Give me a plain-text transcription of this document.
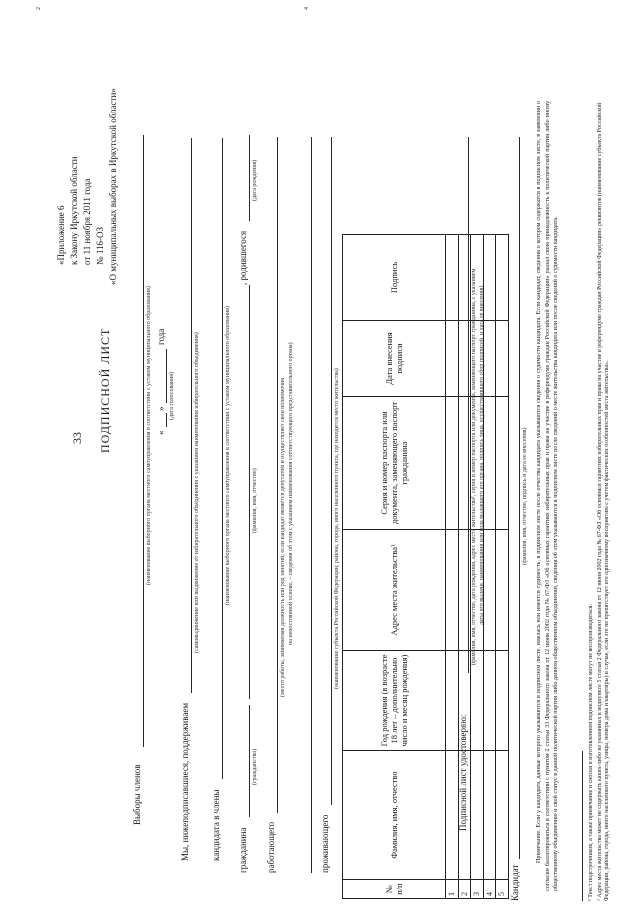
33
«Приложение 6 к Закону Иркутской области от 11 ноября 2011 года № 116-ОЗ «О муниципальных выборах в Иркутской области»
ПОДПИСНОЙ ЛИСТ
Выборы членов
(наименование выборного органа местного самоуправления в соответствии с уставом муниципального образования) «
»
года
(дата голосования)
Мы, нижеподписавшиеся, поддерживаем
(самовыдвижение или выдвижение от избирательного объединения с указанием наименования избирательного объединения)
кандидата в члены
(наименование выборного органа местного самоуправления в соответствии с уставом муниципального образования)
гражданина
, родившегося
(гражданство)
(фамилия, имя, отчество)
(дата рождения)
работающего
(место работы, занимаемая должность или род занятий; если кандидат является депутатом и осуществляет свои полномочия на непостоянной основе, – сведения об этом с указанием наименования соответствующего представительного органа)
проживающего
(наименование субъекта Российской Федерации, района, города, иного населенного пункта, где находится место жительства)
№ п/п	Фамилия, имя, отчество	Год рождения (в возрасте 18 лет – дополнительно число и месяц рождения)	Адрес места жительства¹	Серия и номер паспорта или документа, заменяющего паспорт гражданина	Дата внесения подписи	Подпись
1						
2						
3						
4						
5						
Подписной лист удостоверяю:
(фамилия, имя, отчество, дата рождения, адрес места жительства¹, серия и номер паспорта или документа, заменяющего паспорт гражданина, с указанием даты его выдачи, наименования или кода выдавшего его органа, подпись лица, осуществлявшего сбор подписей, и дата ее внесения)
Кандидат
(фамилия, имя, отчество, подпись и дата ее внесения) Примечание. Если у кандидата, данные которого указываются в подписном листе, имелась или имеется судимость, в подписном листе после отчества кандидата указываются сведения о судимости кандидата. Если кандидат, сведения о котором содержатся в подписном листе, в заявлении о согласии баллотироваться в соответствии с пунктом 2 статьи 33 Федерального закона от 12 июня 2002 года № 67-ФЗ «Об основных гарантиях избирательных прав и права на участие в референдуме граждан Российской Федерации» указал свою принадлежность к политической партии либо иному общественному объединению и свой статус в данной политической партии либо данном общественном объединении, сведения об этом указываются в подписном листе после сведений о месте жительства кандидата или после сведений о судимости кандидата.	¹ Текст подстрочников, а также примечание и сноски в изготовленном подписном листе могут не воспроизводиться. ² Адрес места жительства может не содержать каких-либо из указанных в подпункте 5 статьи 2 Федерального закона от 12 июня 2002 года № 67-ФЗ «Об основных гарантиях избирательных прав и права на участие в референдуме граждан Российской Федерации» реквизитов (наименование субъекта Российской Федерации, района, города, иного населенного пункта, улицы, номера дома и квартиры) в случае, если это не препятствует его однозначному восприятию с учетом фактических особенностей места жительства».
2	4
